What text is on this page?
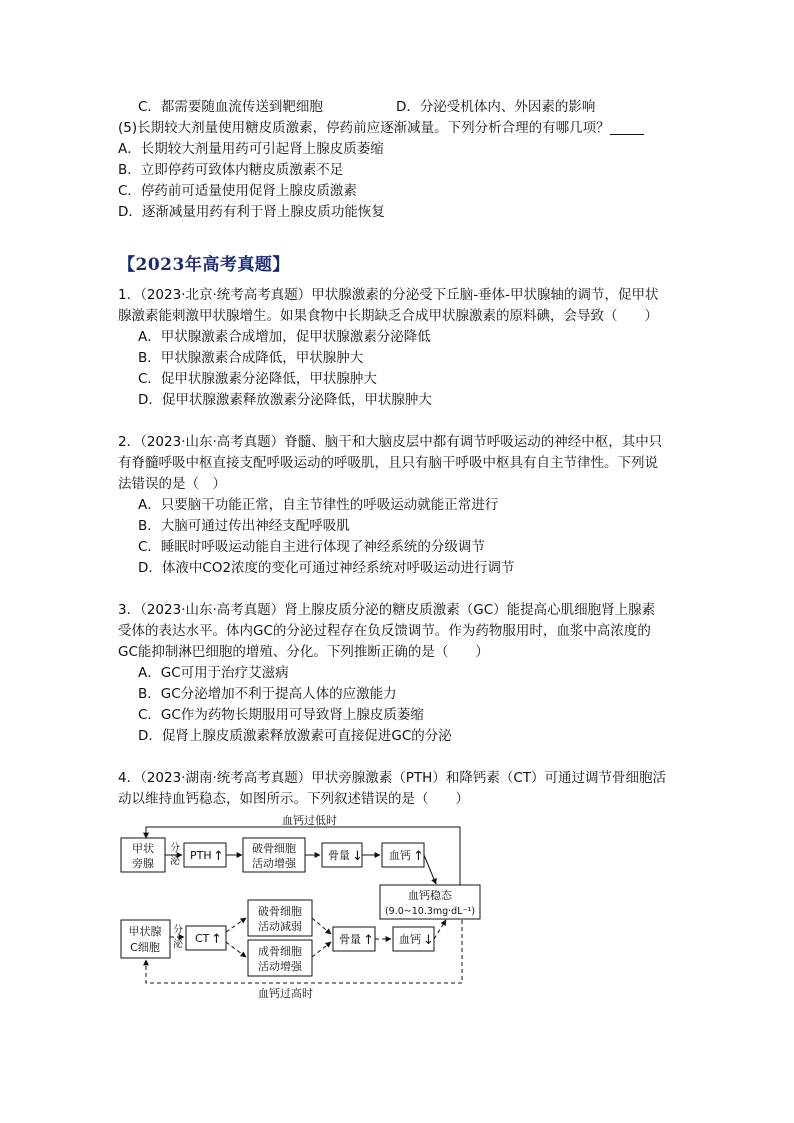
C．都需要随血流传送到靶细胞	D．分泌受机体内、外因素的影响
(5)长期较大剂量使用糖皮质激素，停药前应逐渐减量。下列分析合理的有哪几项？
A．长期较大剂量用药可引起肾上腺皮质萎缩
B．立即停药可致体内糖皮质激素不足
C．停药前可适量使用促肾上腺皮质激素
D．逐渐减量用药有利于肾上腺皮质功能恢复
【2023年高考真题】
1．（2023·北京·统考高考真题）甲状腺激素的分泌受下丘脑-垂体-甲状腺轴的调节，促甲状
腺激素能刺激甲状腺增生。如果食物中长期缺乏合成甲状腺激素的原料碘，会导致（　　）
A．甲状腺激素合成增加，促甲状腺激素分泌降低
B．甲状腺激素合成降低，甲状腺肿大
C．促甲状腺激素分泌降低，甲状腺肿大
D．促甲状腺激素释放激素分泌降低，甲状腺肿大
2．（2023·山东·高考真题）脊髓、脑干和大脑皮层中都有调节呼吸运动的神经中枢，其中只
有脊髓呼吸中枢直接支配呼吸运动的呼吸肌，且只有脑干呼吸中枢具有自主节律性。下列说
法错误的是（　）
A．只要脑干功能正常，自主节律性的呼吸运动就能正常进行
B．大脑可通过传出神经支配呼吸肌
C．睡眠时呼吸运动能自主进行体现了神经系统的分级调节
D．体液中CO2浓度的变化可通过神经系统对呼吸运动进行调节
3．（2023·山东·高考真题）肾上腺皮质分泌的糖皮质激素（GC）能提高心肌细胞肾上腺素
受体的表达水平。体内GC的分泌过程存在负反馈调节。作为药物服用时，血浆中高浓度的
GC能抑制淋巴细胞的增殖、分化。下列推断正确的是（　　）
A．GC可用于治疗艾滋病
B．GC分泌增加不利于提高人体的应激能力
C．GC作为药物长期服用可导致肾上腺皮质萎缩
D．促肾上腺皮质激素释放激素可直接促进GC的分泌
4．（2023·湖南·统考高考真题）甲状旁腺激素（PTH）和降钙素（CT）可通过调节骨细胞活
动以维持血钙稳态，如图所示。下列叙述错误的是（　　）
血钙过低时
血钙过高时
甲状
旁腺
分
泌 PTH ↑
破骨细胞
活动增强
骨量 ↓ 血钙 ↑
血钙稳态
(9.0~10.3mg·dL⁻¹)
甲状腺
C细胞
分
泌 CT ↑
破骨细胞
活动减弱
成骨细胞
活动增强
骨量 ↑ 血钙 ↓
